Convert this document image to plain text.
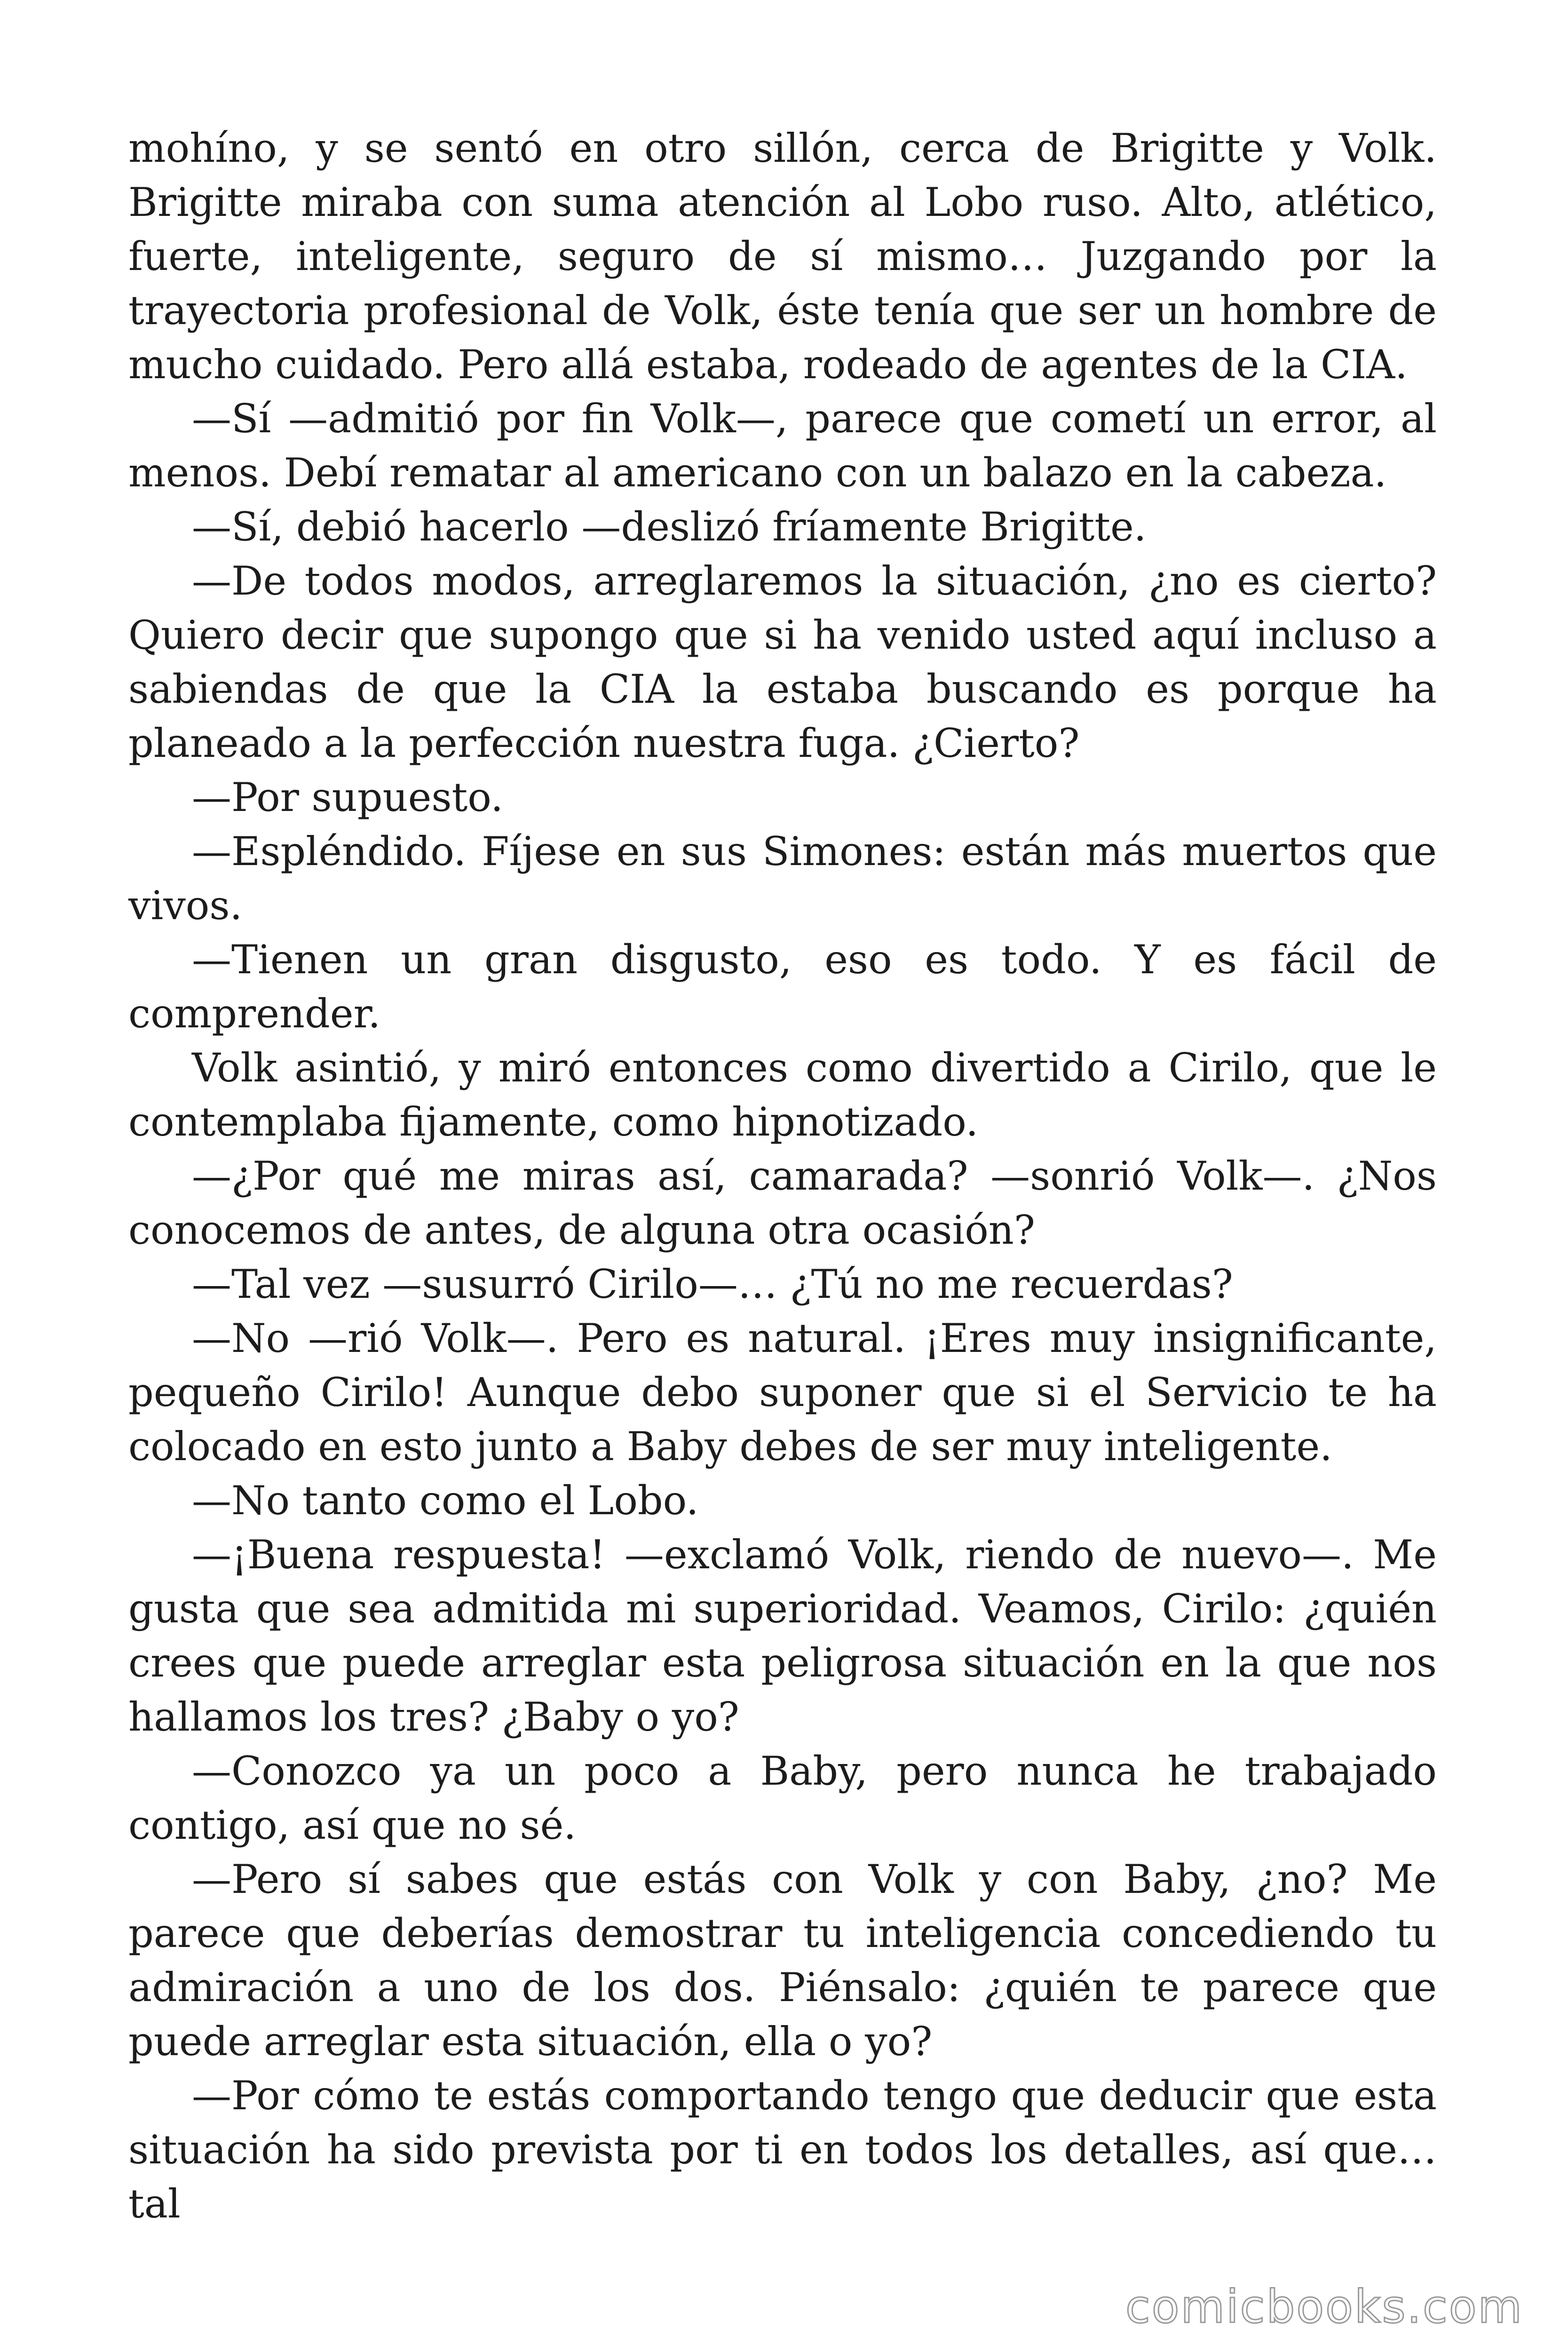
mohíno, y se sentó en otro sillón, cerca de Brigitte y Volk. Brigitte miraba con suma atención al Lobo ruso. Alto, atlético, fuerte, inteligente, seguro de sí mismo… Juzgando por la trayectoria profesional de Volk, éste tenía que ser un hombre de mucho cuidado. Pero allá estaba, rodeado de agentes de la CIA.

—Sí —admitió por fin Volk—, parece que cometí un error, al menos. Debí rematar al americano con un balazo en la cabeza.

—Sí, debió hacerlo —deslizó fríamente Brigitte.

—De todos modos, arreglaremos la situación, ¿no es cierto? Quiero decir que supongo que si ha venido usted aquí incluso a sabiendas de que la CIA la estaba buscando es porque ha planeado a la perfección nuestra fuga. ¿Cierto?

—Por supuesto.

—Espléndido. Fíjese en sus Simones: están más muertos que vivos.

—Tienen un gran disgusto, eso es todo. Y es fácil de comprender.

Volk asintió, y miró entonces como divertido a Cirilo, que le contemplaba fijamente, como hipnotizado.

—¿Por qué me miras así, camarada? —sonrió Volk—. ¿Nos conocemos de antes, de alguna otra ocasión?

—Tal vez —susurró Cirilo—… ¿Tú no me recuerdas?

—No —rió Volk—. Pero es natural. ¡Eres muy insignificante, pequeño Cirilo! Aunque debo suponer que si el Servicio te ha colocado en esto junto a Baby debes de ser muy inteligente.

—No tanto como el Lobo.

—¡Buena respuesta! —exclamó Volk, riendo de nuevo—. Me gusta que sea admitida mi superioridad. Veamos, Cirilo: ¿quién crees que puede arreglar esta peligrosa situación en la que nos hallamos los tres? ¿Baby o yo?

—Conozco ya un poco a Baby, pero nunca he trabajado contigo, así que no sé.

—Pero sí sabes que estás con Volk y con Baby, ¿no? Me parece que deberías demostrar tu inteligencia concediendo tu admiración a uno de los dos. Piénsalo: ¿quién te parece que puede arreglar esta situación, ella o yo?

—Por cómo te estás comportando tengo que deducir que esta situación ha sido prevista por ti en todos los detalles, así que… tal

comicbooks.com
